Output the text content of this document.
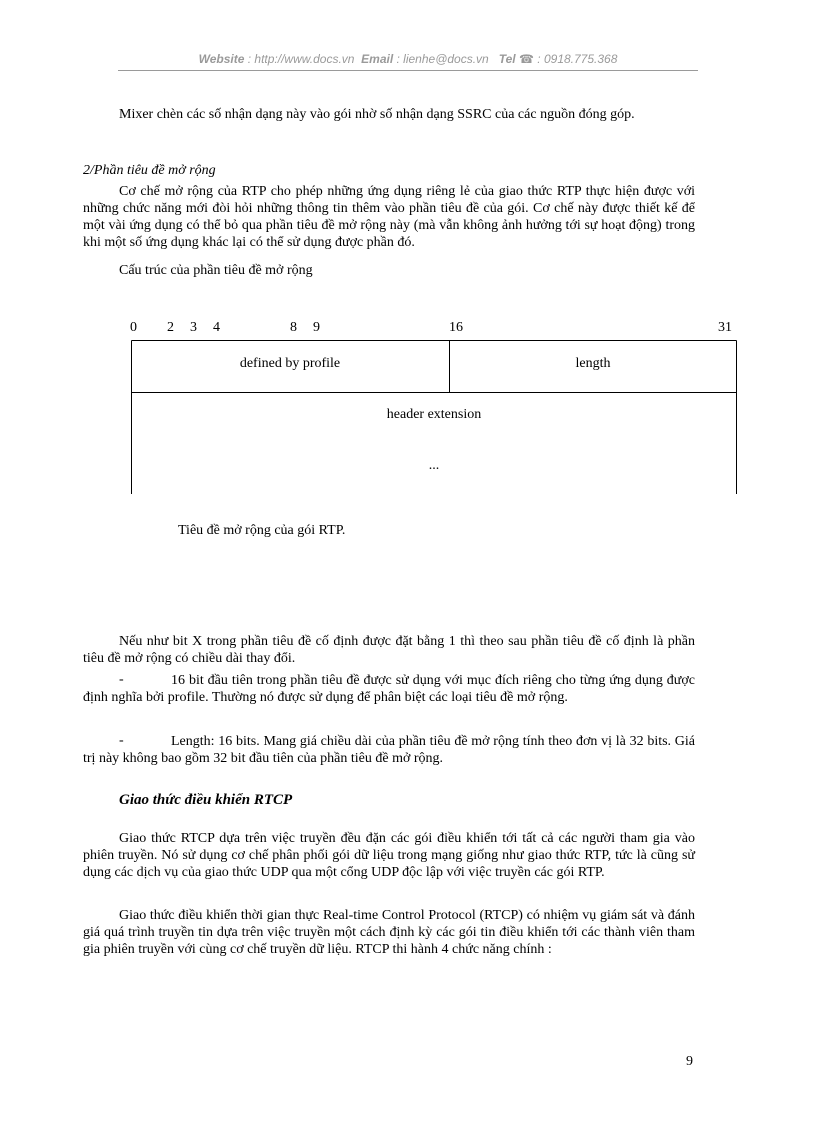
Website : http://www.docs.vn Email : lienhe@docs.vn Tel ☎ : 0918.775.368

Mixer chèn các số nhận dạng này vào gói nhờ số nhận dạng SSRC của các nguồn đóng góp.

2/Phần tiêu đề mở rộng

Cơ chế mở rộng của RTP cho phép những ứng dụng riêng lẻ của giao thức RTP thực hiện được với những chức năng mới đòi hỏi những thông tin thêm vào phần tiêu đề của gói. Cơ chế này được thiết kế để một vài ứng dụng có thể bỏ qua phần tiêu đề mở rộng này (mà vẫn không ảnh hưởng tới sự hoạt động) trong khi một số ứng dụng khác lại có thể sử dụng được phần đó.

Cấu trúc của phần tiêu đề mở rộng

0 2 3 4	8 9	16	31
defined by profile	length
header extension
...
Tiêu đề mở rộng của gói RTP.

Nếu như bit X trong phần tiêu đề cố định được đặt bằng 1 thì theo sau phần tiêu đề cố định là phần tiêu đề mở rộng có chiều dài thay đổi.

-	16 bit đầu tiên trong phần tiêu đề được sử dụng với mục đích riêng cho từng ứng dụng được định nghĩa bởi profile. Thường nó được sử dụng để phân biệt các loại tiêu đề mở rộng.

-	Length: 16 bits. Mang giá chiều dài của phần tiêu đề mở rộng tính theo đơn vị là 32 bits. Giá trị này không bao gồm 32 bit đầu tiên của phần tiêu đề mở rộng.

Giao thức điều khiển RTCP

Giao thức RTCP dựa trên việc truyền đều đặn các gói điều khiển tới tất cả các người tham gia vào phiên truyền. Nó sử dụng cơ chế phân phối gói dữ liệu trong mạng giống như giao thức RTP, tức là cũng sử dụng các dịch vụ của giao thức UDP qua một cổng UDP độc lập với việc truyền các gói RTP.

Giao thức điều khiển thời gian thực Real-time Control Protocol (RTCP) có nhiệm vụ giám sát và đánh giá quá trình truyền tin dựa trên việc truyền một cách định kỳ các gói tin điều khiển tới các thành viên tham gia phiên truyền với cùng cơ chế truyền dữ liệu. RTCP thi hành 4 chức năng chính :

9
